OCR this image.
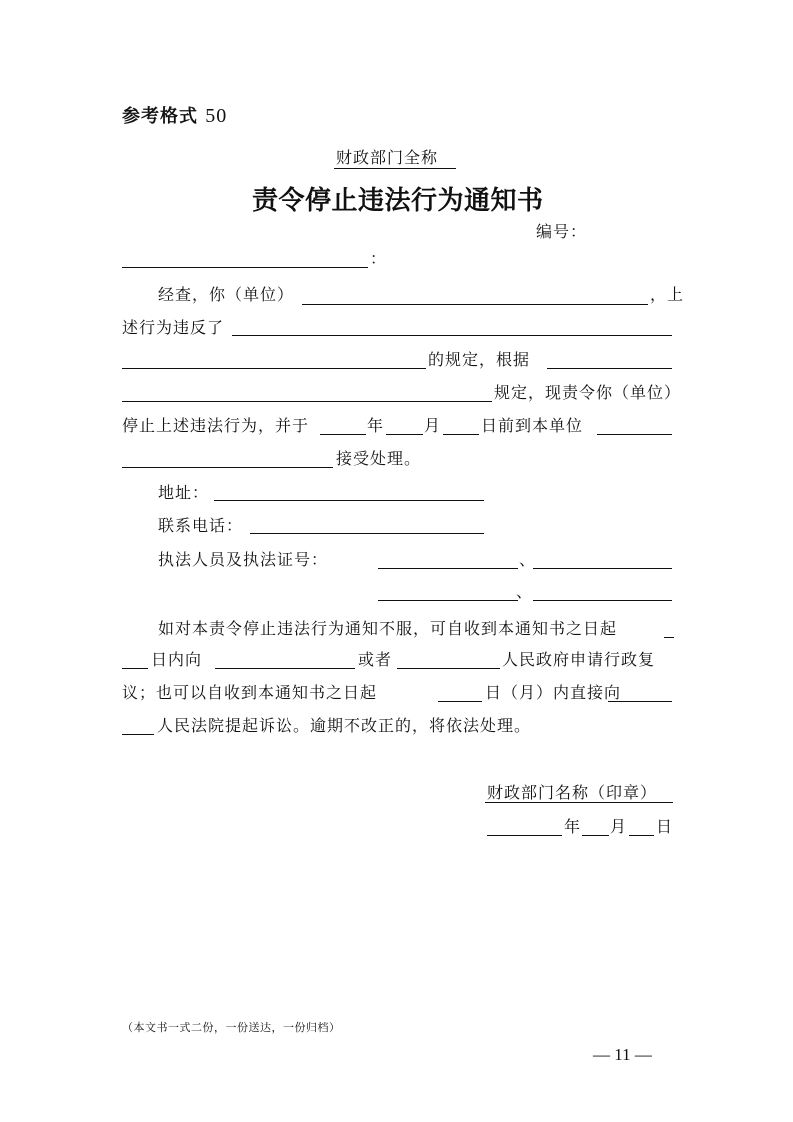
参考格式 50
财政部门全称
责令停止违法行为通知书
编号：
：
经查，你（单位）	，上
述行为违反了
的规定，根据
规定，现责令你（单位）
停止上述违法行为，并于	年 月 日前到本单位
接受处理。
地址：
联系电话：
执法人员及执法证号：	、
、
如对本责令停止违法行为通知不服，可自收到本通知书之日起
日内向	或者	人民政府申请行政复
议；也可以自收到本通知书之日起	日（月）内直接向
人民法院提起诉讼。逾期不改正的，将依法处理。
财政部门名称（印章）
年 月 日
（本文书一式二份，一份送达，一份归档）
— 11 —
